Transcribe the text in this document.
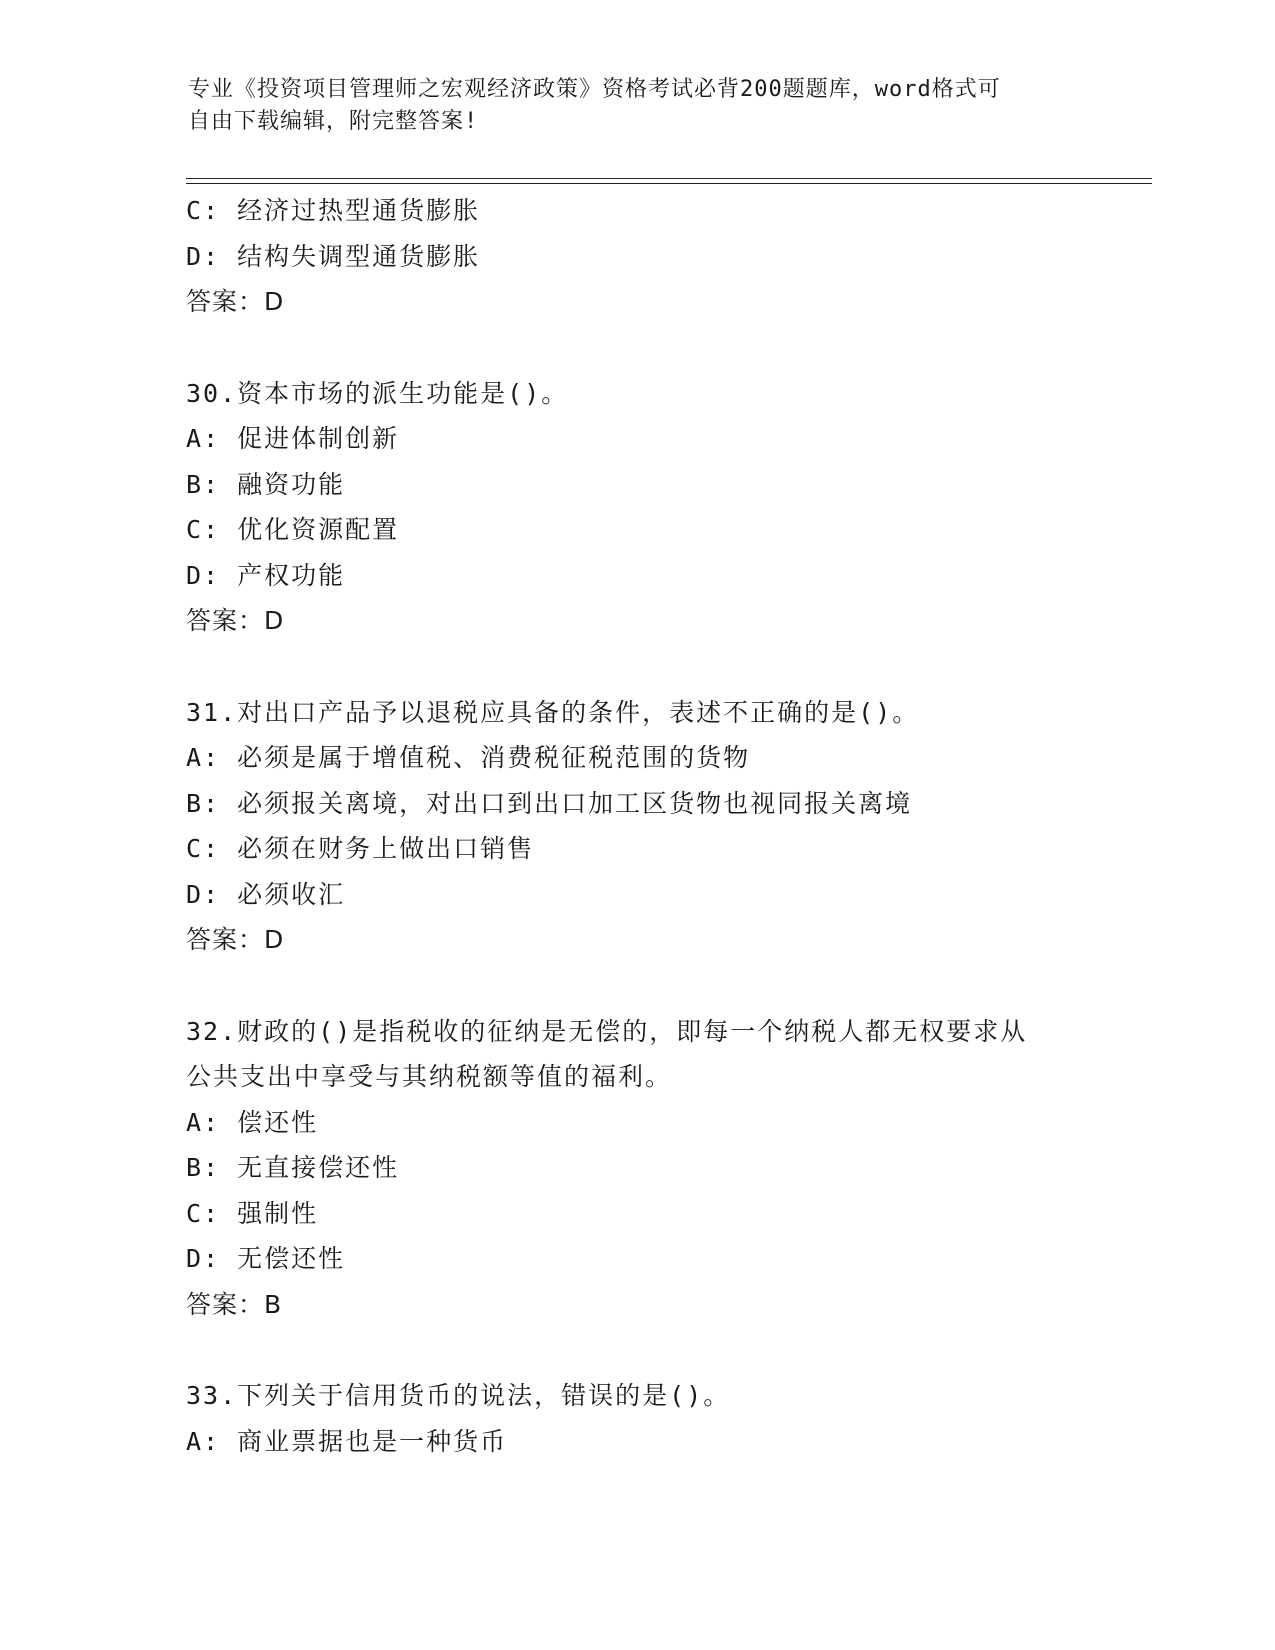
专业《投资项目管理师之宏观经济政策》资格考试必背200题题库，word格式可
自由下载编辑，附完整答案!
C: 经济过热型通货膨胀
D: 结构失调型通货膨胀
答案：D
30.资本市场的派生功能是()。
A: 促进体制创新
B: 融资功能
C: 优化资源配置
D: 产权功能
答案：D
31.对出口产品予以退税应具备的条件，表述不正确的是()。
A: 必须是属于增值税、消费税征税范围的货物
B: 必须报关离境，对出口到出口加工区货物也视同报关离境
C: 必须在财务上做出口销售
D: 必须收汇
答案：D
32.财政的()是指税收的征纳是无偿的，即每一个纳税人都无权要求从
公共支出中享受与其纳税额等值的福利。
A: 偿还性
B: 无直接偿还性
C: 强制性
D: 无偿还性
答案：B
33.下列关于信用货币的说法，错误的是()。
A: 商业票据也是一种货币
